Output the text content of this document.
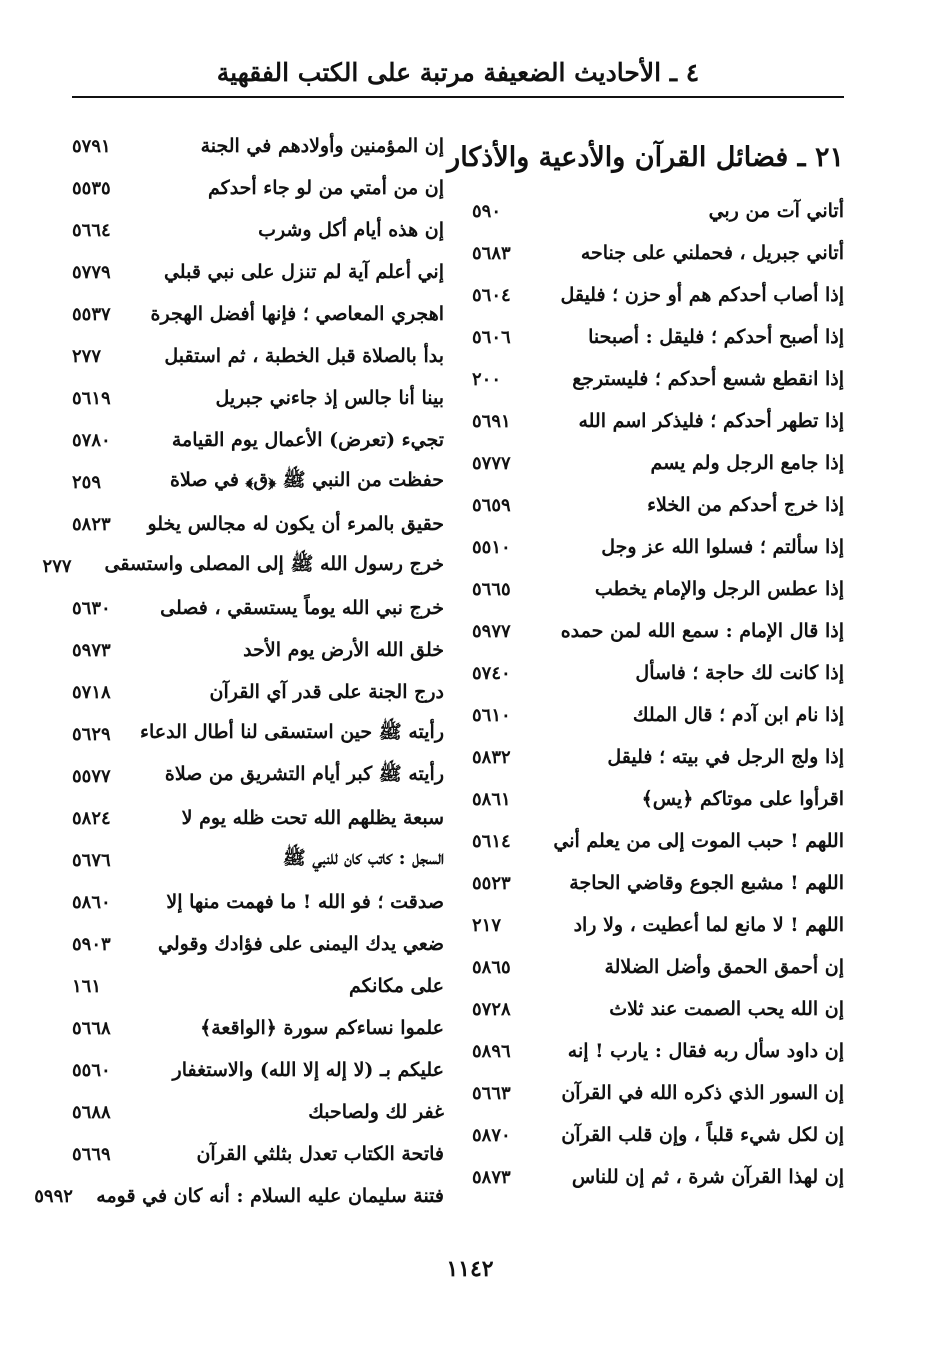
٤ ـ الأحاديث الضعيفة مرتبة على الكتب الفقهية
٢١ ـ فضائل القرآن والأدعية والأذكار
أتاني آت من ربي
٥٩٠
أتاني جبريل ، فحملني على جناحه
٥٦٨٣
إذا أصاب أحدكم هم أو حزن ؛ فليقل
٥٦٠٤
إذا أصبح أحدكم ؛ فليقل : أصبحنا
٥٦٠٦
إذا انقطع شسع أحدكم ؛ فليسترجع
٢٠٠
إذا تطهر أحدكم ؛ فليذكر اسم الله
٥٦٩١
إذا جامع الرجل ولم يسم
٥٧٧٧
إذا خرج أحدكم من الخلاء
٥٦٥٩
إذا سألتم ؛ فسلوا الله عز وجل
٥٥١٠
إذا عطس الرجل والإمام يخطب
٥٦٦٥
إذا قال الإمام : سمع الله لمن حمده
٥٩٧٧
إذا كانت لك حاجة ؛ فاسأل
٥٧٤٠
إذا نام ابن آدم ؛ قال الملك
٥٦١٠
إذا ولج الرجل في بيته ؛ فليقل
٥٨٣٢
اقرأوا على موتاكم ﴿يس﴾
٥٨٦١
اللهم ! حبب الموت إلى من يعلم أني
٥٦١٤
اللهم ! مشبع الجوع وقاضي الحاجة
٥٥٢٣
اللهم ! لا مانع لما أعطيت ، ولا راد
٢١٧
إن أحمق الحمق وأضل الضلالة
٥٨٦٥
إن الله يحب الصمت عند ثلاث
٥٧٢٨
إن داود سأل ربه فقال : يارب ! إنه
٥٨٩٦
إن السور الذي ذكره الله في القرآن
٥٦٦٣
إن لكل شيء قلباً ، وإن قلب القرآن
٥٨٧٠
إن لهذا القرآن شرة ، ثم إن للناس
٥٨٧٣
إن المؤمنين وأولادهم في الجنة
٥٧٩١
إن من أمتي من لو جاء أحدكم
٥٥٣٥
إن هذه أيام أكل وشرب
٥٦٦٤
إني أعلم آية لم تنزل على نبي قبلي
٥٧٧٩
اهجري المعاصي ؛ فإنها أفضل الهجرة
٥٥٣٧
بدأ بالصلاة قبل الخطبة ، ثم استقبل
٢٧٧
بينا أنا جالس إذ جاءني جبريل
٥٦١٩
تجيء (تعرض) الأعمال يوم القيامة
٥٧٨٠
حفظت من النبي ﷺ ﴿ق﴾ في صلاة
٢٥٩
حقيق بالمرء أن يكون له مجالس يخلو
٥٨٢٣
خرج رسول الله ﷺ إلى المصلى واستسقى
٢٧٧
خرج نبي الله يوماً يستسقي ، فصلى
٥٦٣٠
خلق الله الأرض يوم الأحد
٥٩٧٣
درج الجنة على قدر آي القرآن
٥٧١٨
رأيته ﷺ حين استسقى لنا أطال الدعاء
٥٦٢٩
رأيته ﷺ كبر أيام التشريق من صلاة
٥٥٧٧
سبعة يظلهم الله تحت ظله يوم لا
٥٨٢٤
السجل : كاتب كان للنبي ﷺ
٥٦٧٦
صدقت ؛ فو الله ! ما فهمت منها إلا
٥٨٦٠
ضعي يدك اليمنى على فؤادك وقولي
٥٩٠٣
على مكانكم
١٦١
علموا نساءكم سورة ﴿الواقعة﴾
٥٦٦٨
عليكم بـ (لا إله إلا الله) والاستغفار
٥٥٦٠
غفر لك ولصاحبك
٥٦٨٨
فاتحة الكتاب تعدل بثلثي القرآن
٥٦٦٩
فتنة سليمان عليه السلام : أنه كان في قومه
٥٩٩٢
١١٤٢
